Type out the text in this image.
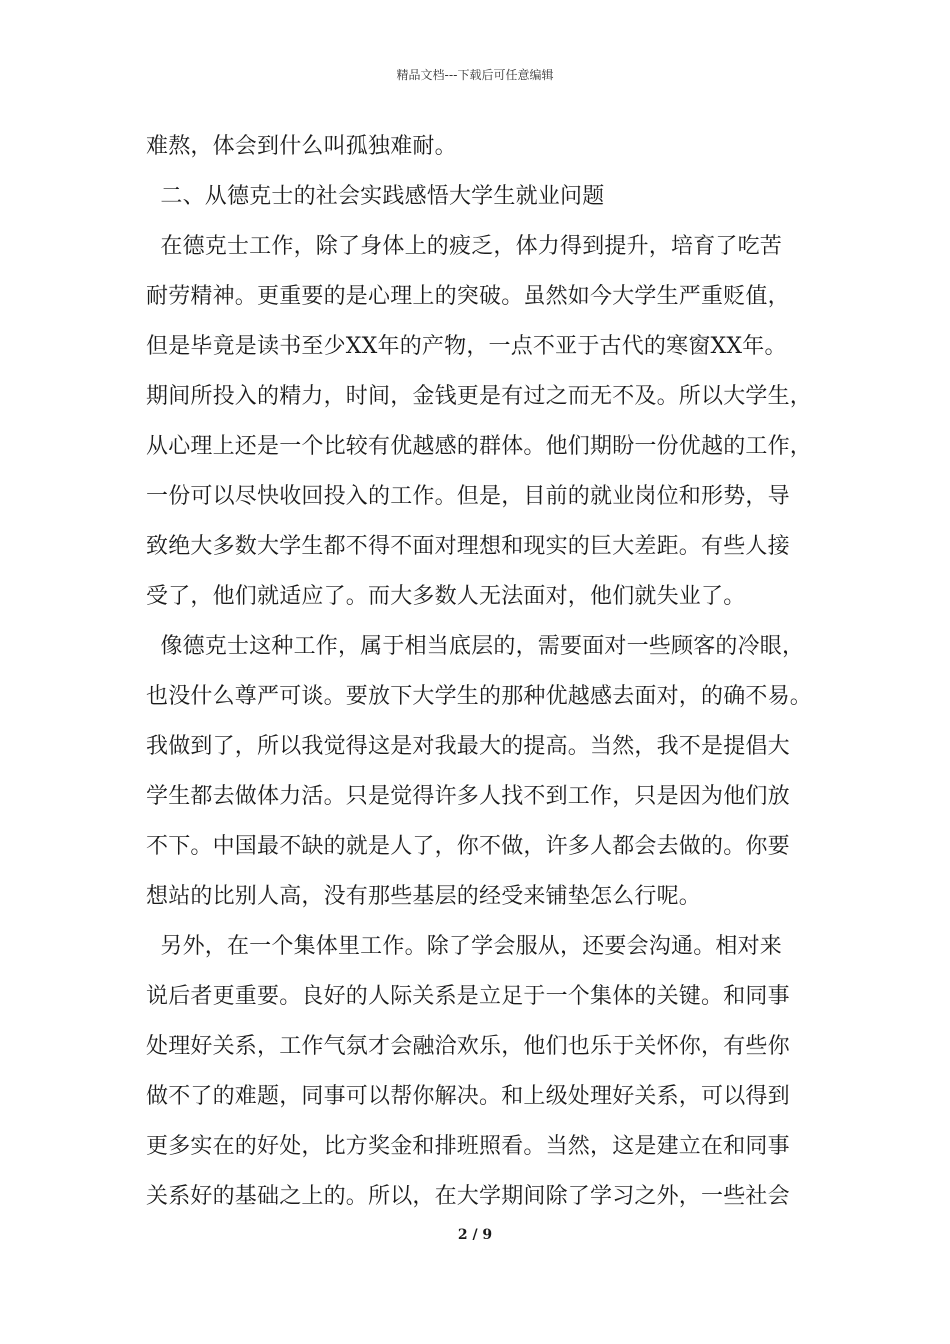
精品文档---下载后可任意编辑
难熬，体会到什么叫孤独难耐。
二、从德克士的社会实践感悟大学生就业问题
在德克士工作，除了身体上的疲乏，体力得到提升，培育了吃苦
耐劳精神。更重要的是心理上的突破。虽然如今大学生严重贬值，
但是毕竟是读书至少XX年的产物，一点不亚于古代的寒窗XX年。
期间所投入的精力，时间，金钱更是有过之而无不及。所以大学生，
从心理上还是一个比较有优越感的群体。他们期盼一份优越的工作，
一份可以尽快收回投入的工作。但是，目前的就业岗位和形势，导
致绝大多数大学生都不得不面对理想和现实的巨大差距。有些人接
受了，他们就适应了。而大多数人无法面对，他们就失业了。
像德克士这种工作，属于相当底层的，需要面对一些顾客的冷眼，
也没什么尊严可谈。要放下大学生的那种优越感去面对，的确不易。
我做到了，所以我觉得这是对我最大的提高。当然，我不是提倡大
学生都去做体力活。只是觉得许多人找不到工作，只是因为他们放
不下。中国最不缺的就是人了，你不做，许多人都会去做的。你要
想站的比别人高，没有那些基层的经受来铺垫怎么行呢。
另外，在一个集体里工作。除了学会服从，还要会沟通。相对来
说后者更重要。良好的人际关系是立足于一个集体的关键。和同事
处理好关系，工作气氛才会融洽欢乐，他们也乐于关怀你，有些你
做不了的难题，同事可以帮你解决。和上级处理好关系，可以得到
更多实在的好处，比方奖金和排班照看。当然，这是建立在和同事
关系好的基础之上的。所以，在大学期间除了学习之外，一些社会
2 / 9
